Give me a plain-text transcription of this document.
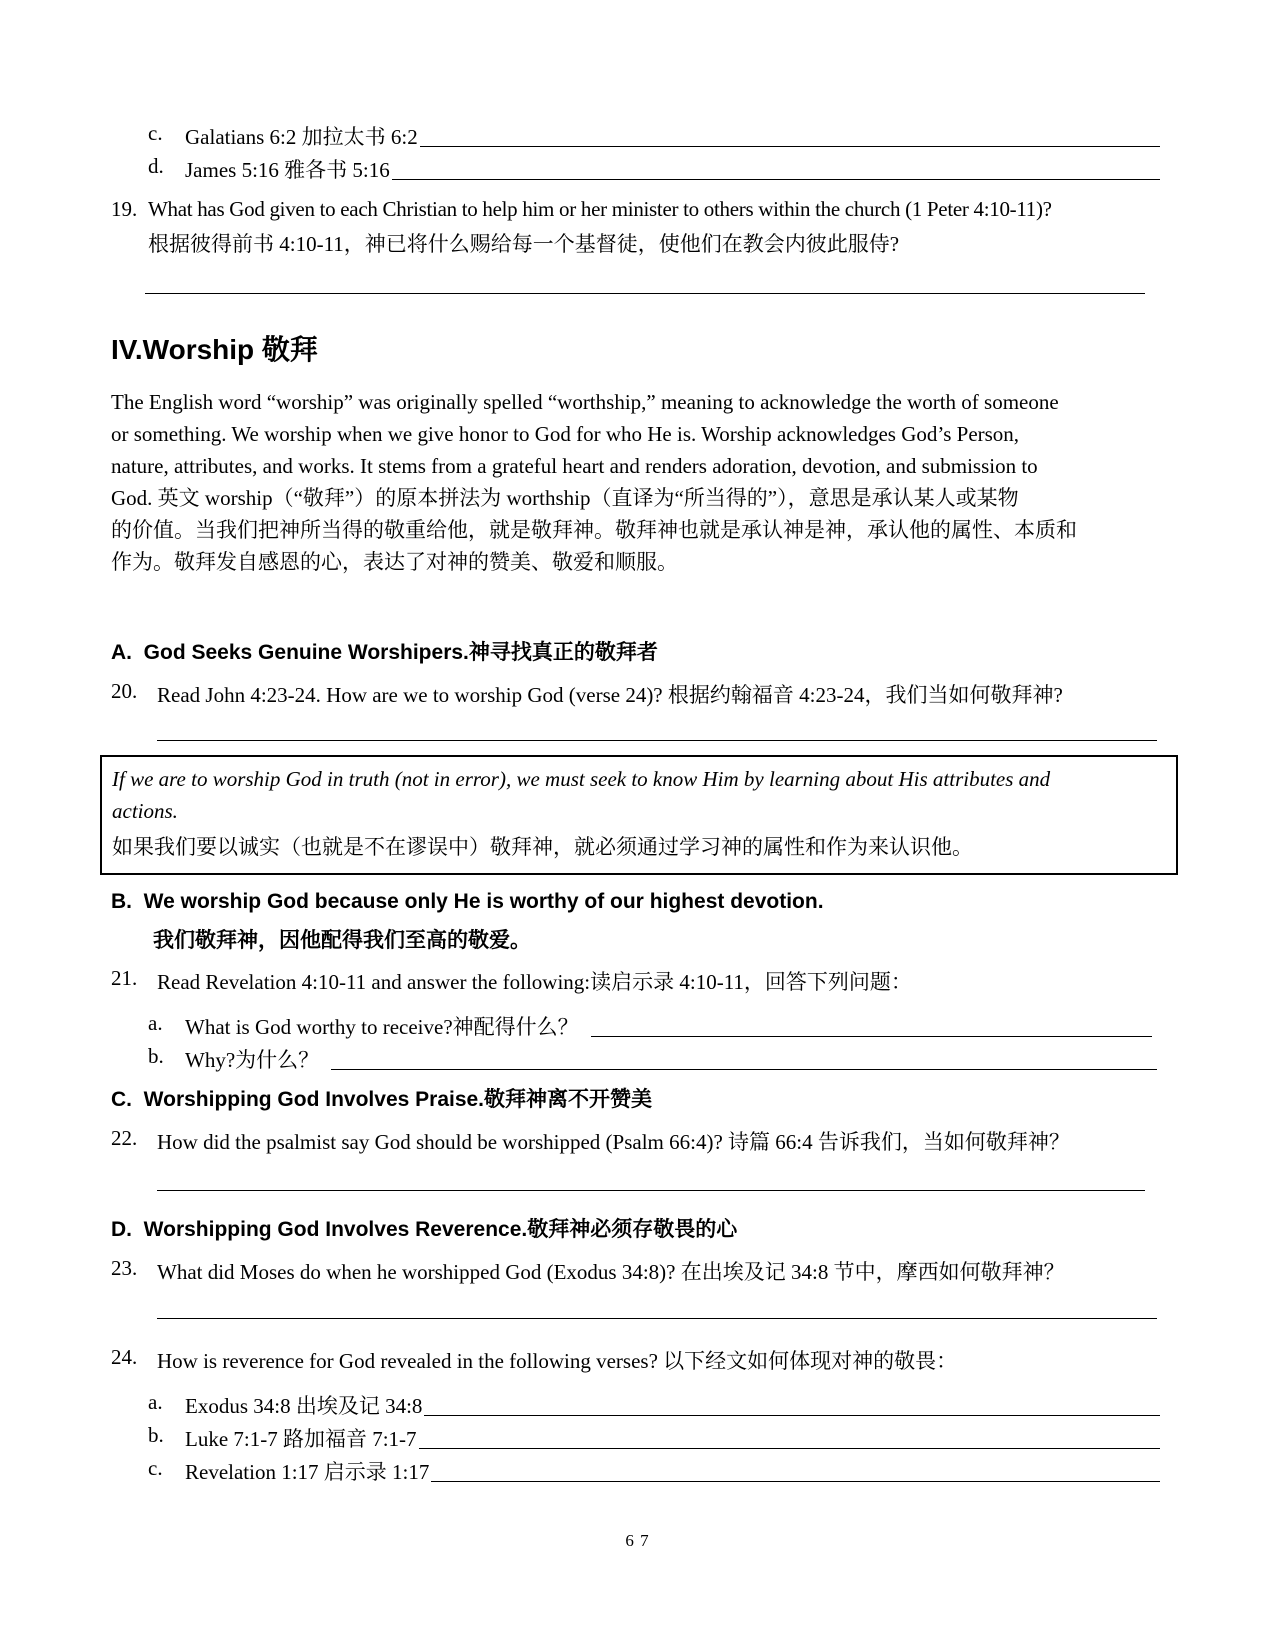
c. Galatians 6:2 加拉太书 6:2
d. James 5:16 雅各书 5:16
19. What has God given to each Christian to help him or her minister to others within the church (1 Peter 4:10-11)?
根据彼得前书 4:10-11，神已将什么赐给每一个基督徒，使他们在教会内彼此服侍?
IV.Worship 敬拜
The English word “worship” was originally spelled “worthship,” meaning to acknowledge the worth of someone
or something. We worship when we give honor to God for who He is. Worship acknowledges God’s Person,
nature, attributes, and works. It stems from a grateful heart and renders adoration, devotion, and submission to
God. 英文 worship（“敬拜”）的原本拼法为 worthship（直译为“所当得的”），意思是承认某人或某物
的价值。当我们把神所当得的敬重给他，就是敬拜神。敬拜神也就是承认神是神，承认他的属性、本质和
作为。敬拜发自感恩的心，表达了对神的赞美、敬爱和顺服。
A. God Seeks Genuine Worshipers.神寻找真正的敬拜者
20. Read John 4:23-24. How are we to worship God (verse 24)? 根据约翰福音 4:23-24，我们当如何敬拜神?
If we are to worship God in truth (not in error), we must seek to know Him by learning about His attributes and
actions.
如果我们要以诚实（也就是不在谬误中）敬拜神，就必须通过学习神的属性和作为来认识他。
B. We worship God because only He is worthy of our highest devotion.
我们敬拜神，因他配得我们至高的敬爱。
21. Read Revelation 4:10-11 and answer the following:读启示录 4:10-11，回答下列问题：
a. What is God worthy to receive?神配得什么？
b. Why?为什么？
C. Worshipping God Involves Praise.敬拜神离不开赞美
22. How did the psalmist say God should be worshipped (Psalm 66:4)? 诗篇 66:4 告诉我们，当如何敬拜神？
D. Worshipping God Involves Reverence.敬拜神必须存敬畏的心
23. What did Moses do when he worshipped God (Exodus 34:8)? 在出埃及记 34:8 节中，摩西如何敬拜神？
24. How is reverence for God revealed in the following verses? 以下经文如何体现对神的敬畏：
a. Exodus 34:8 出埃及记 34:8
b. Luke 7:1-7 路加福音 7:1-7
c. Revelation 1:17 启示录 1:17
6 7
